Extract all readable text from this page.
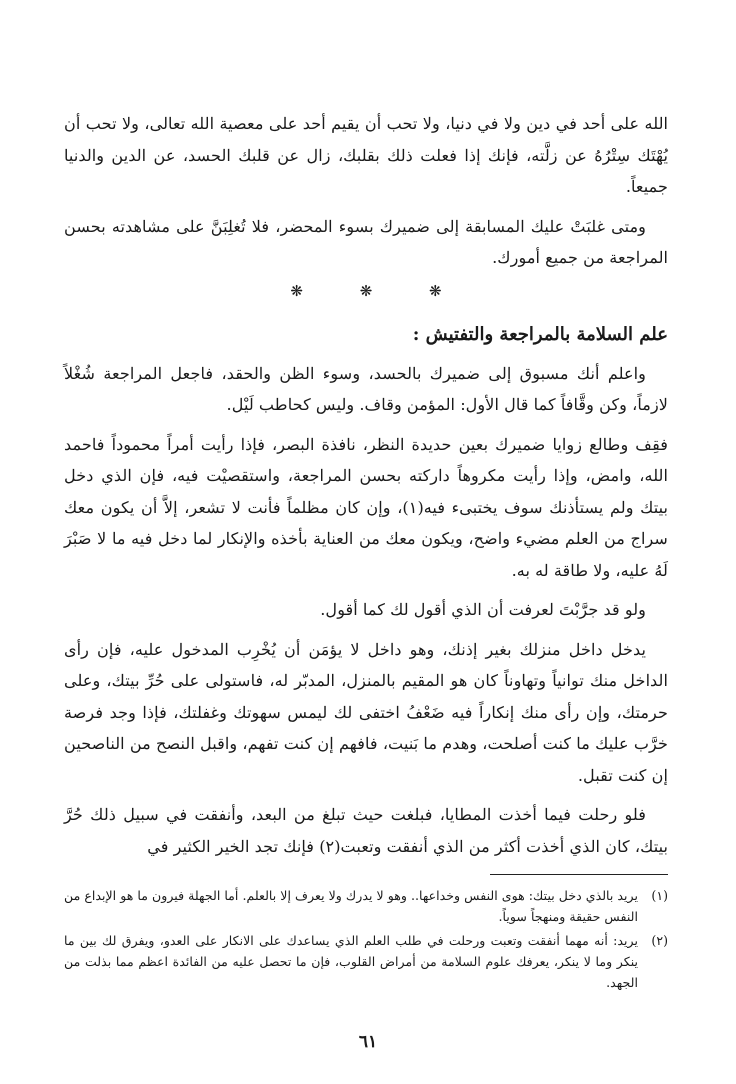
الله على أحد في دين ولا في دنيا، ولا تحب أن يقيم أحد على معصية الله تعالى، ولا تحب أن يُهْتَك سِتْرُهُ عن زلَّته، فإنك إذا فعلت ذلك بقلبك، زال عن قلبك الحسد، عن الدين والدنيا جميعاً.

ومتى غلبَتْ عليك المسابقة إلى ضميرك بسوء المحضر، فلا تُغلِبَنَّ على مشاهدته بحسن المراجعة من جميع أمورك.

❋ ❋ ❋
علم السلامة بالمراجعة والتفتيش :

واعلم أنك مسبوق إلى ضميرك بالحسد، وسوء الظن والحقد، فاجعل المراجعة شُغْلاً لازماً، وكن وقَّافاً كما قال الأول: المؤمن وقاف. وليس كحاطب لَيْل.

فقِف وطالع زوايا ضميرك بعين حديدة النظر، نافذة البصر، فإذا رأيت أمراً محموداً فاحمد الله، وامض، وإذا رأيت مكروهاً داركته بحسن المراجعة، واستقصيْت فيه، فإن الذي دخل بيتك ولم يستأذنك سوف يختبىء فيه(١)، وإن كان مظلماً فأنت لا تشعر، إلاَّ أن يكون معك سراج من العلم مضيء واضح، ويكون معك من العناية بأخذه والإنكار لما دخل فيه ما لا صَبْرَ لَهُ عليه، ولا طاقة له به.

ولو قد جرَّبْتَ لعرفت أن الذي أقول لك كما أقول.

يدخل داخل منزلك بغير إذنك، وهو داخل لا يؤمَن أن يُخْرِب المدخول عليه، فإن رأى الداخل منك توانياً وتهاوناً كان هو المقيم بالمنزل، المدبّر له، فاستولى على حُرِّ بيتك، وعلى حرمتك، وإن رأى منك إنكاراً فيه ضَعْفُ اختفى لك ليمس سهوتك وغفلتك، فإذا وجد فرصة خرَّب عليك ما كنت أصلحت، وهدم ما بَنيت، فافهم إن كنت تفهم، واقبل النصح من الناصحين إن كنت تقبل.

فلو رحلت فيما أخذت المطايا، فبلغت حيث تبلغ من البعد، وأنفقت في سبيل ذلك حُرَّ بيتك، كان الذي أخذت أكثر من الذي أنفقت وتعبت(٢) فإنك تجد الخير الكثير في

(١)
يريد بالذي دخل بيتك: هوى النفس وخداعها.. وهو لا يدرك ولا يعرف إلا بالعلم. أما الجهلة فيرون ما هو الإبداع من النفس حقيقة ومنهجاً سوياً.

(٢)
يريد: أنه مهما أنفقت وتعبت ورحلت في طلب العلم الذي يساعدك على الانكار على العدو، ويفرق لك بين ما ينكر وما لا ينكر، يعرفك علوم السلامة من أمراض القلوب، فإن ما تحصل عليه من الفائدة اعظم مما بذلت من الجهد.

٦١
